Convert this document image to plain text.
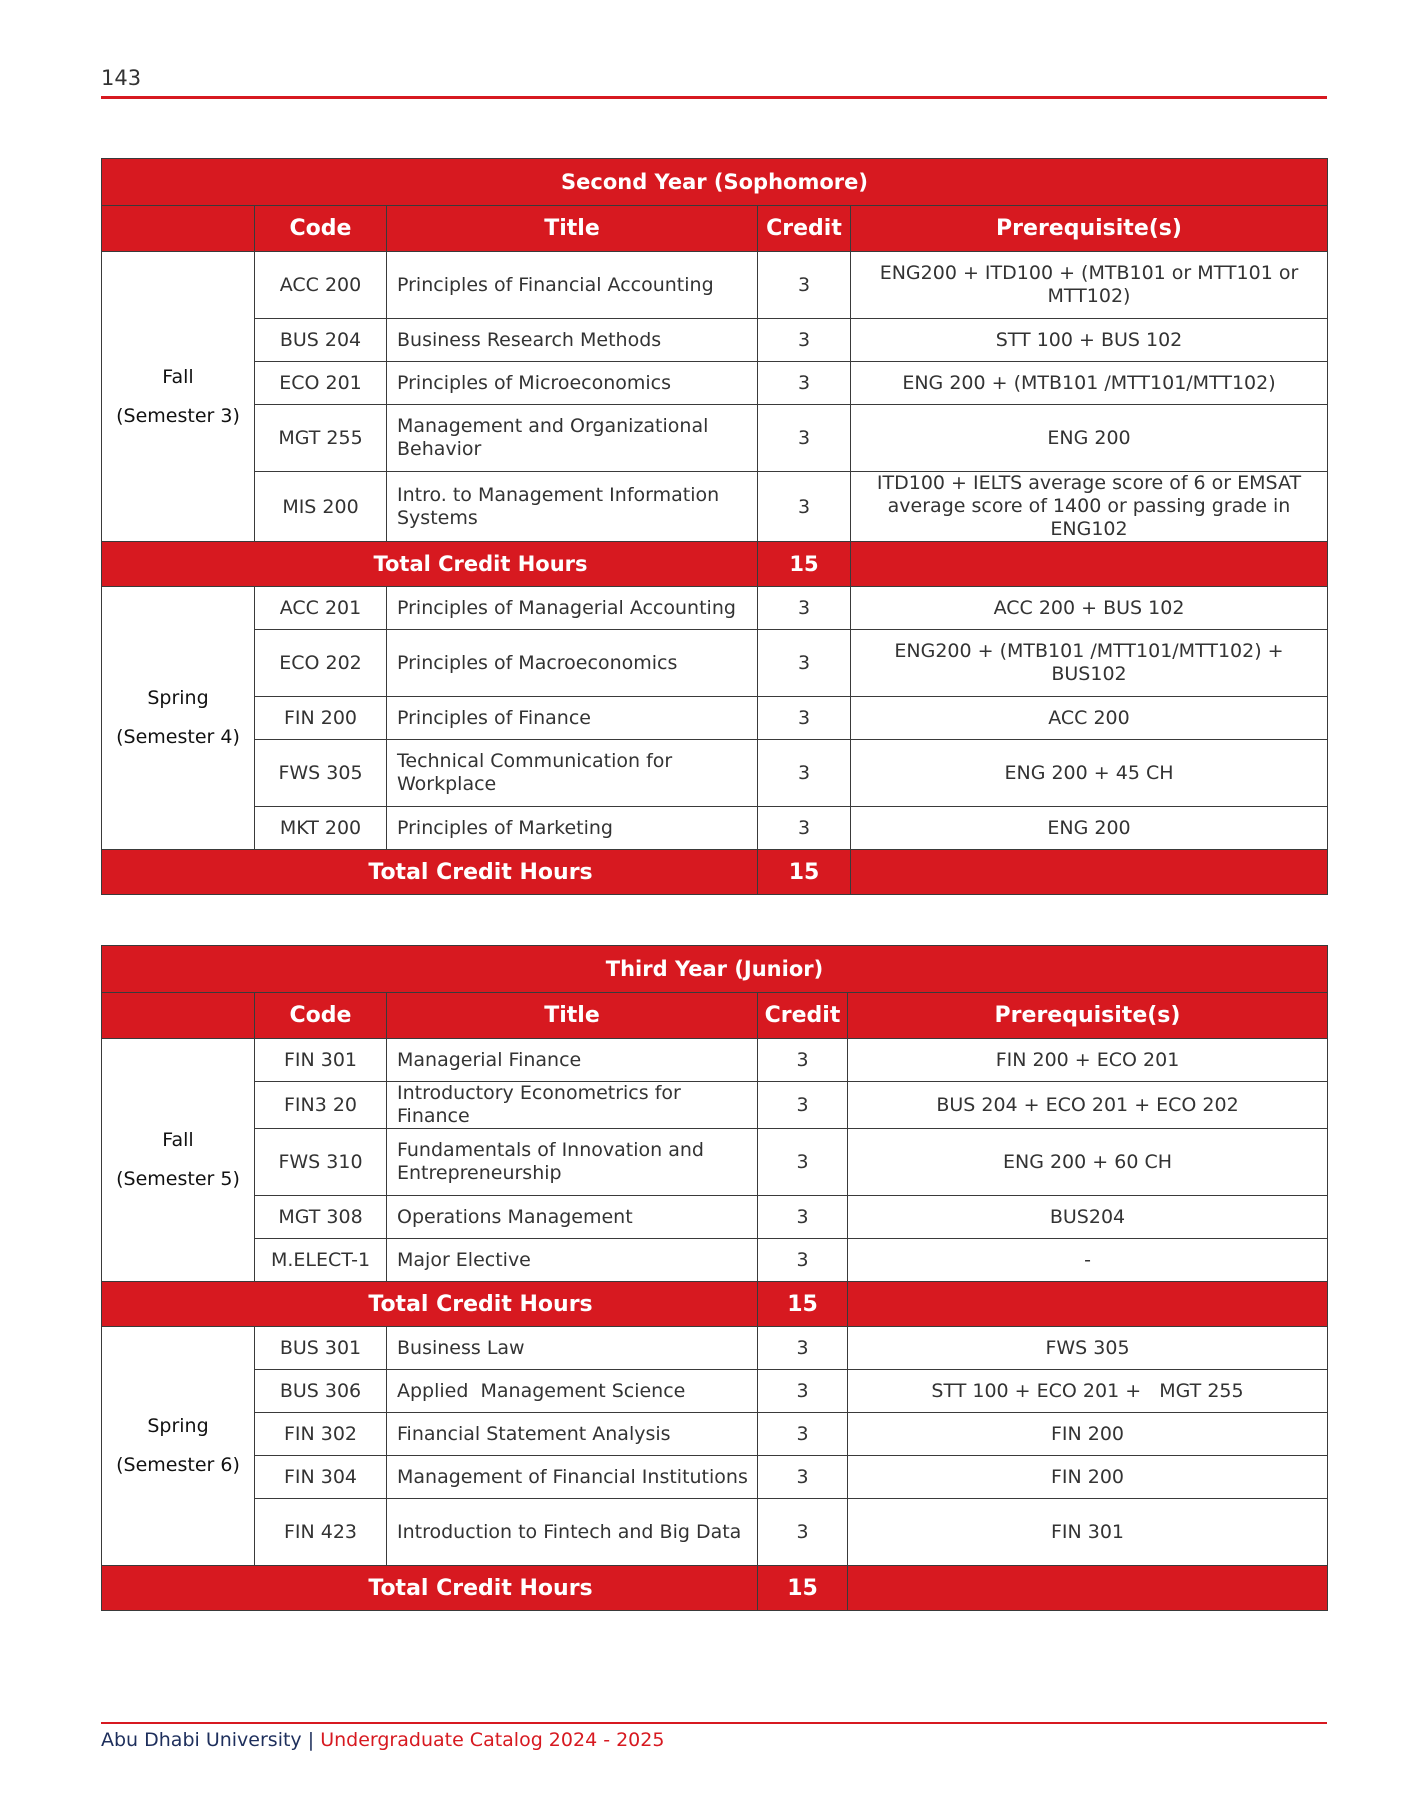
143
Second Year (Sophomore)				
	Code	Title	Credit	Prerequisite(s)

Fall
(Semester 3)	ACC 200	Principles of Financial Accounting	3	ENG200 + ITD100 + (MTB101 or MTT101 or MTT102)
	BUS 204	Business Research Methods	3	STT 100 + BUS 102
	ECO 201	Principles of Microeconomics	3	ENG 200 + (MTB101 /MTT101/MTT102)
	MGT 255	Management and Organizational Behavior	3	ENG 200
	MIS 200	Intro. to Management Information Systems	3	ITD100 + IELTS average score of 6 or EMSAT average score of 1400 or passing grade in ENG102
Total Credit Hours			15	

Spring
(Semester 4)	ACC 201	Principles of Managerial Accounting	3	ACC 200 + BUS 102
	ECO 202	Principles of Macroeconomics	3	ENG200 + (MTB101 /MTT101/MTT102) + BUS102
	FIN 200	Principles of Finance	3	ACC 200
	FWS 305	Technical Communication for Workplace	3	ENG 200 + 45 CH
	MKT 200	Principles of Marketing	3	ENG 200
Total Credit Hours			15	
Third Year (Junior)				
	Code	Title	Credit	Prerequisite(s)

Fall
(Semester 5)	FIN 301	Managerial Finance	3	FIN 200 + ECO 201
	FIN3 20	Introductory Econometrics for Finance	3	BUS 204 + ECO 201 + ECO 202
	FWS 310	Fundamentals of Innovation and Entrepreneurship	3	ENG 200 + 60 CH
	MGT 308	Operations Management	3	BUS204
	M.ELECT-1	Major Elective	3	-
Total Credit Hours			15	

Spring
(Semester 6)	BUS 301	Business Law	3	FWS 305
	BUS 306	Applied  Management Science	3	STT 100 + ECO 201 +   MGT 255
	FIN 302	Financial Statement Analysis	3	FIN 200
	FIN 304	Management of Financial Institutions	3	FIN 200
	FIN 423	Introduction to Fintech and Big Data	3	FIN 301
Total Credit Hours			15	
Abu Dhabi University | Undergraduate Catalog 2024 - 2025
